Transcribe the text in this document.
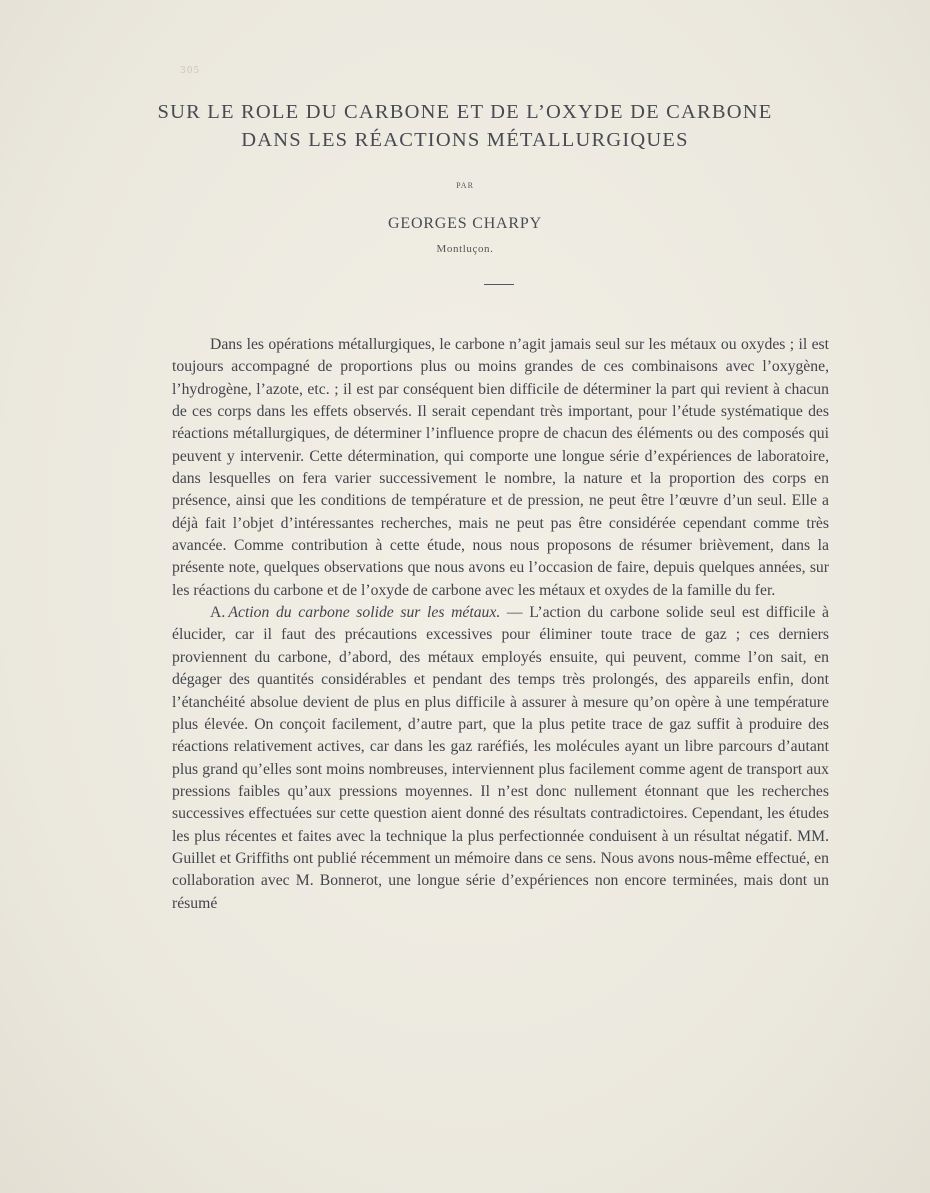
305
SUR LE ROLE DU CARBONE ET DE L’OXYDE DE CARBONE
DANS LES RÉACTIONS MÉTALLURGIQUES
PAR
GEORGES CHARPY
Montluçon.

Dans les opérations métallurgiques, le carbone n’agit jamais seul sur les métaux ou oxydes ; il est toujours accompagné de proportions plus ou moins grandes de ces combinaisons avec l’oxygène, l’hydrogène, l’azote, etc. ; il est par conséquent bien difficile de déterminer la part qui revient à chacun de ces corps dans les effets observés. Il serait cependant très important, pour l’étude systématique des réactions métallurgiques, de déterminer l’influence propre de chacun des éléments ou des composés qui peuvent y intervenir. Cette détermination, qui comporte une longue série d’expériences de laboratoire, dans lesquelles on fera varier successivement le nombre, la nature et la proportion des corps en présence, ainsi que les conditions de température et de pression, ne peut être l’œuvre d’un seul. Elle a déjà fait l’objet d’intéressantes recherches, mais ne peut pas être considérée cependant comme très avancée. Comme contribution à cette étude, nous nous proposons de résumer brièvement, dans la présente note, quelques observations que nous avons eu l’occasion de faire, depuis quelques années, sur les réactions du carbone et de l’oxyde de carbone avec les métaux et oxydes de la famille du fer.

A.  Action du carbone solide sur les métaux. — L’action du carbone solide seul est difficile à élucider, car il faut des précautions excessives pour éliminer toute trace de gaz ; ces derniers proviennent du carbone, d’abord, des métaux employés ensuite, qui peuvent, comme l’on sait, en dégager des quantités considérables et pendant des temps très prolongés, des appareils enfin, dont l’étanchéité absolue devient de plus en plus difficile à assurer à mesure qu’on opère à une température plus élevée. On conçoit facilement, d’autre part, que la plus petite trace de gaz suffit à produire des réactions relativement actives, car dans les gaz raréfiés, les molécules ayant un libre parcours d’autant plus grand qu’elles sont moins nombreuses, interviennent plus facilement comme agent de transport aux pressions faibles qu’aux pressions moyennes. Il n’est donc nullement étonnant que les recherches successives effectuées sur cette question aient donné des résultats contradictoires. Cependant, les études les plus récentes et faites avec la technique la plus perfectionnée conduisent à un résultat négatif. MM. Guillet et Griffiths ont publié récemment un mémoire dans ce sens. Nous avons nous-même effectué, en collaboration avec M. Bonnerot, une longue série d’expériences non encore terminées, mais dont un résumé
